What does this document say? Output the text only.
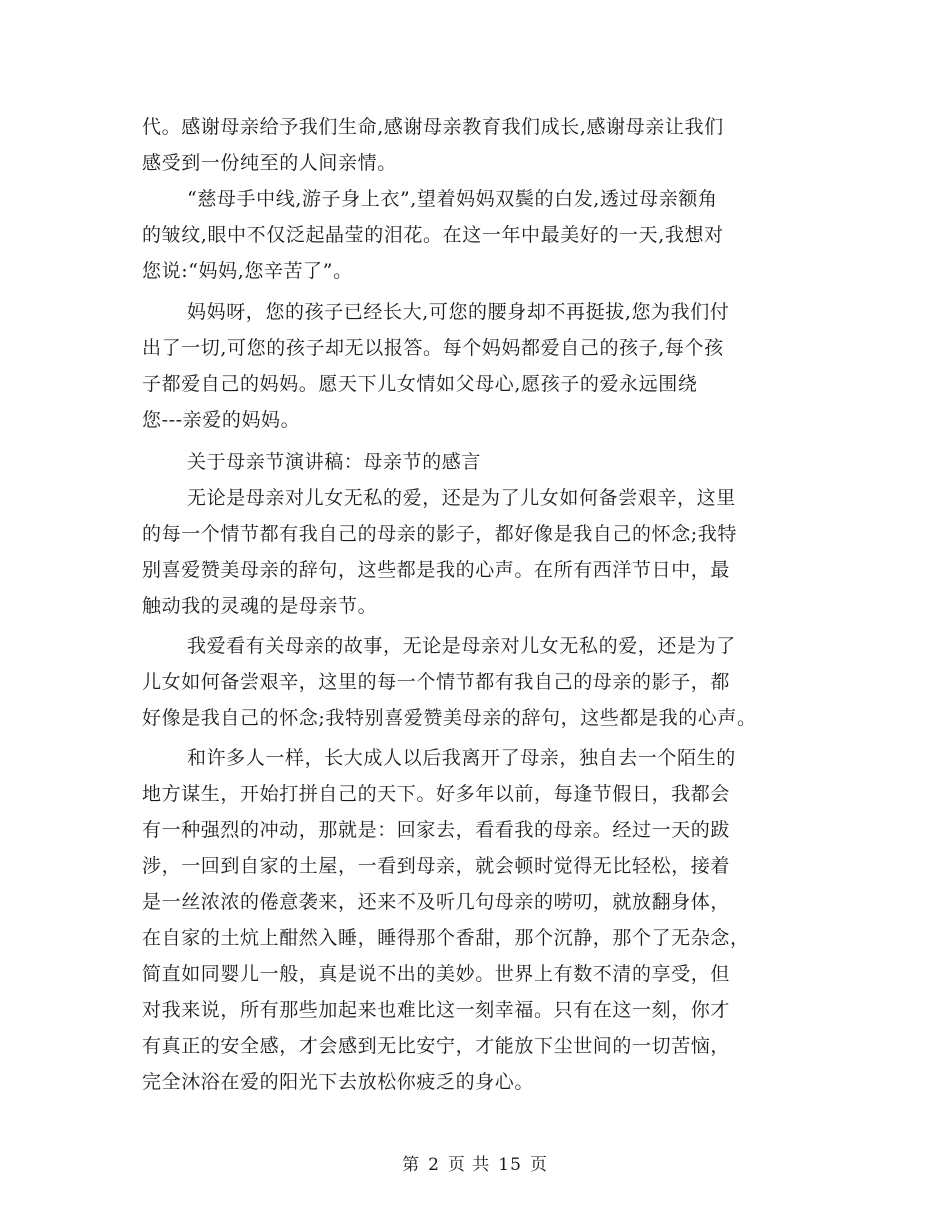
代。感谢母亲给予我们生命,感谢母亲教育我们成长,感谢母亲让我们
感受到一份纯至的人间亲情。
“慈母手中线,游子身上衣”,望着妈妈双鬓的白发,透过母亲额角
的皱纹,眼中不仅泛起晶莹的泪花。在这一年中最美好的一天,我想对
您说:“妈妈,您辛苦了”。
妈妈呀，您的孩子已经长大,可您的腰身却不再挺拔,您为我们付
出了一切,可您的孩子却无以报答。每个妈妈都爱自己的孩子,每个孩
子都爱自己的妈妈。愿天下儿女情如父母心,愿孩子的爱永远围绕
您---亲爱的妈妈。
关于母亲节演讲稿：母亲节的感言
无论是母亲对儿女无私的爱，还是为了儿女如何备尝艰辛，这里
的每一个情节都有我自己的母亲的影子，都好像是我自己的怀念;我特
别喜爱赞美母亲的辞句，这些都是我的心声。在所有西洋节日中，最
触动我的灵魂的是母亲节。
我爱看有关母亲的故事，无论是母亲对儿女无私的爱，还是为了
儿女如何备尝艰辛，这里的每一个情节都有我自己的母亲的影子，都
好像是我自己的怀念;我特别喜爱赞美母亲的辞句，这些都是我的心声。
和许多人一样，长大成人以后我离开了母亲，独自去一个陌生的
地方谋生，开始打拼自己的天下。好多年以前，每逢节假日，我都会
有一种强烈的冲动，那就是：回家去，看看我的母亲。经过一天的跋
涉，一回到自家的土屋，一看到母亲，就会顿时觉得无比轻松，接着
是一丝浓浓的倦意袭来，还来不及听几句母亲的唠叨，就放翻身体，
在自家的土炕上酣然入睡，睡得那个香甜，那个沉静，那个了无杂念，
简直如同婴儿一般，真是说不出的美妙。世界上有数不清的享受，但
对我来说，所有那些加起来也难比这一刻幸福。只有在这一刻，你才
有真正的安全感，才会感到无比安宁，才能放下尘世间的一切苦恼，
完全沐浴在爱的阳光下去放松你疲乏的身心。
第 2 页 共 15 页
